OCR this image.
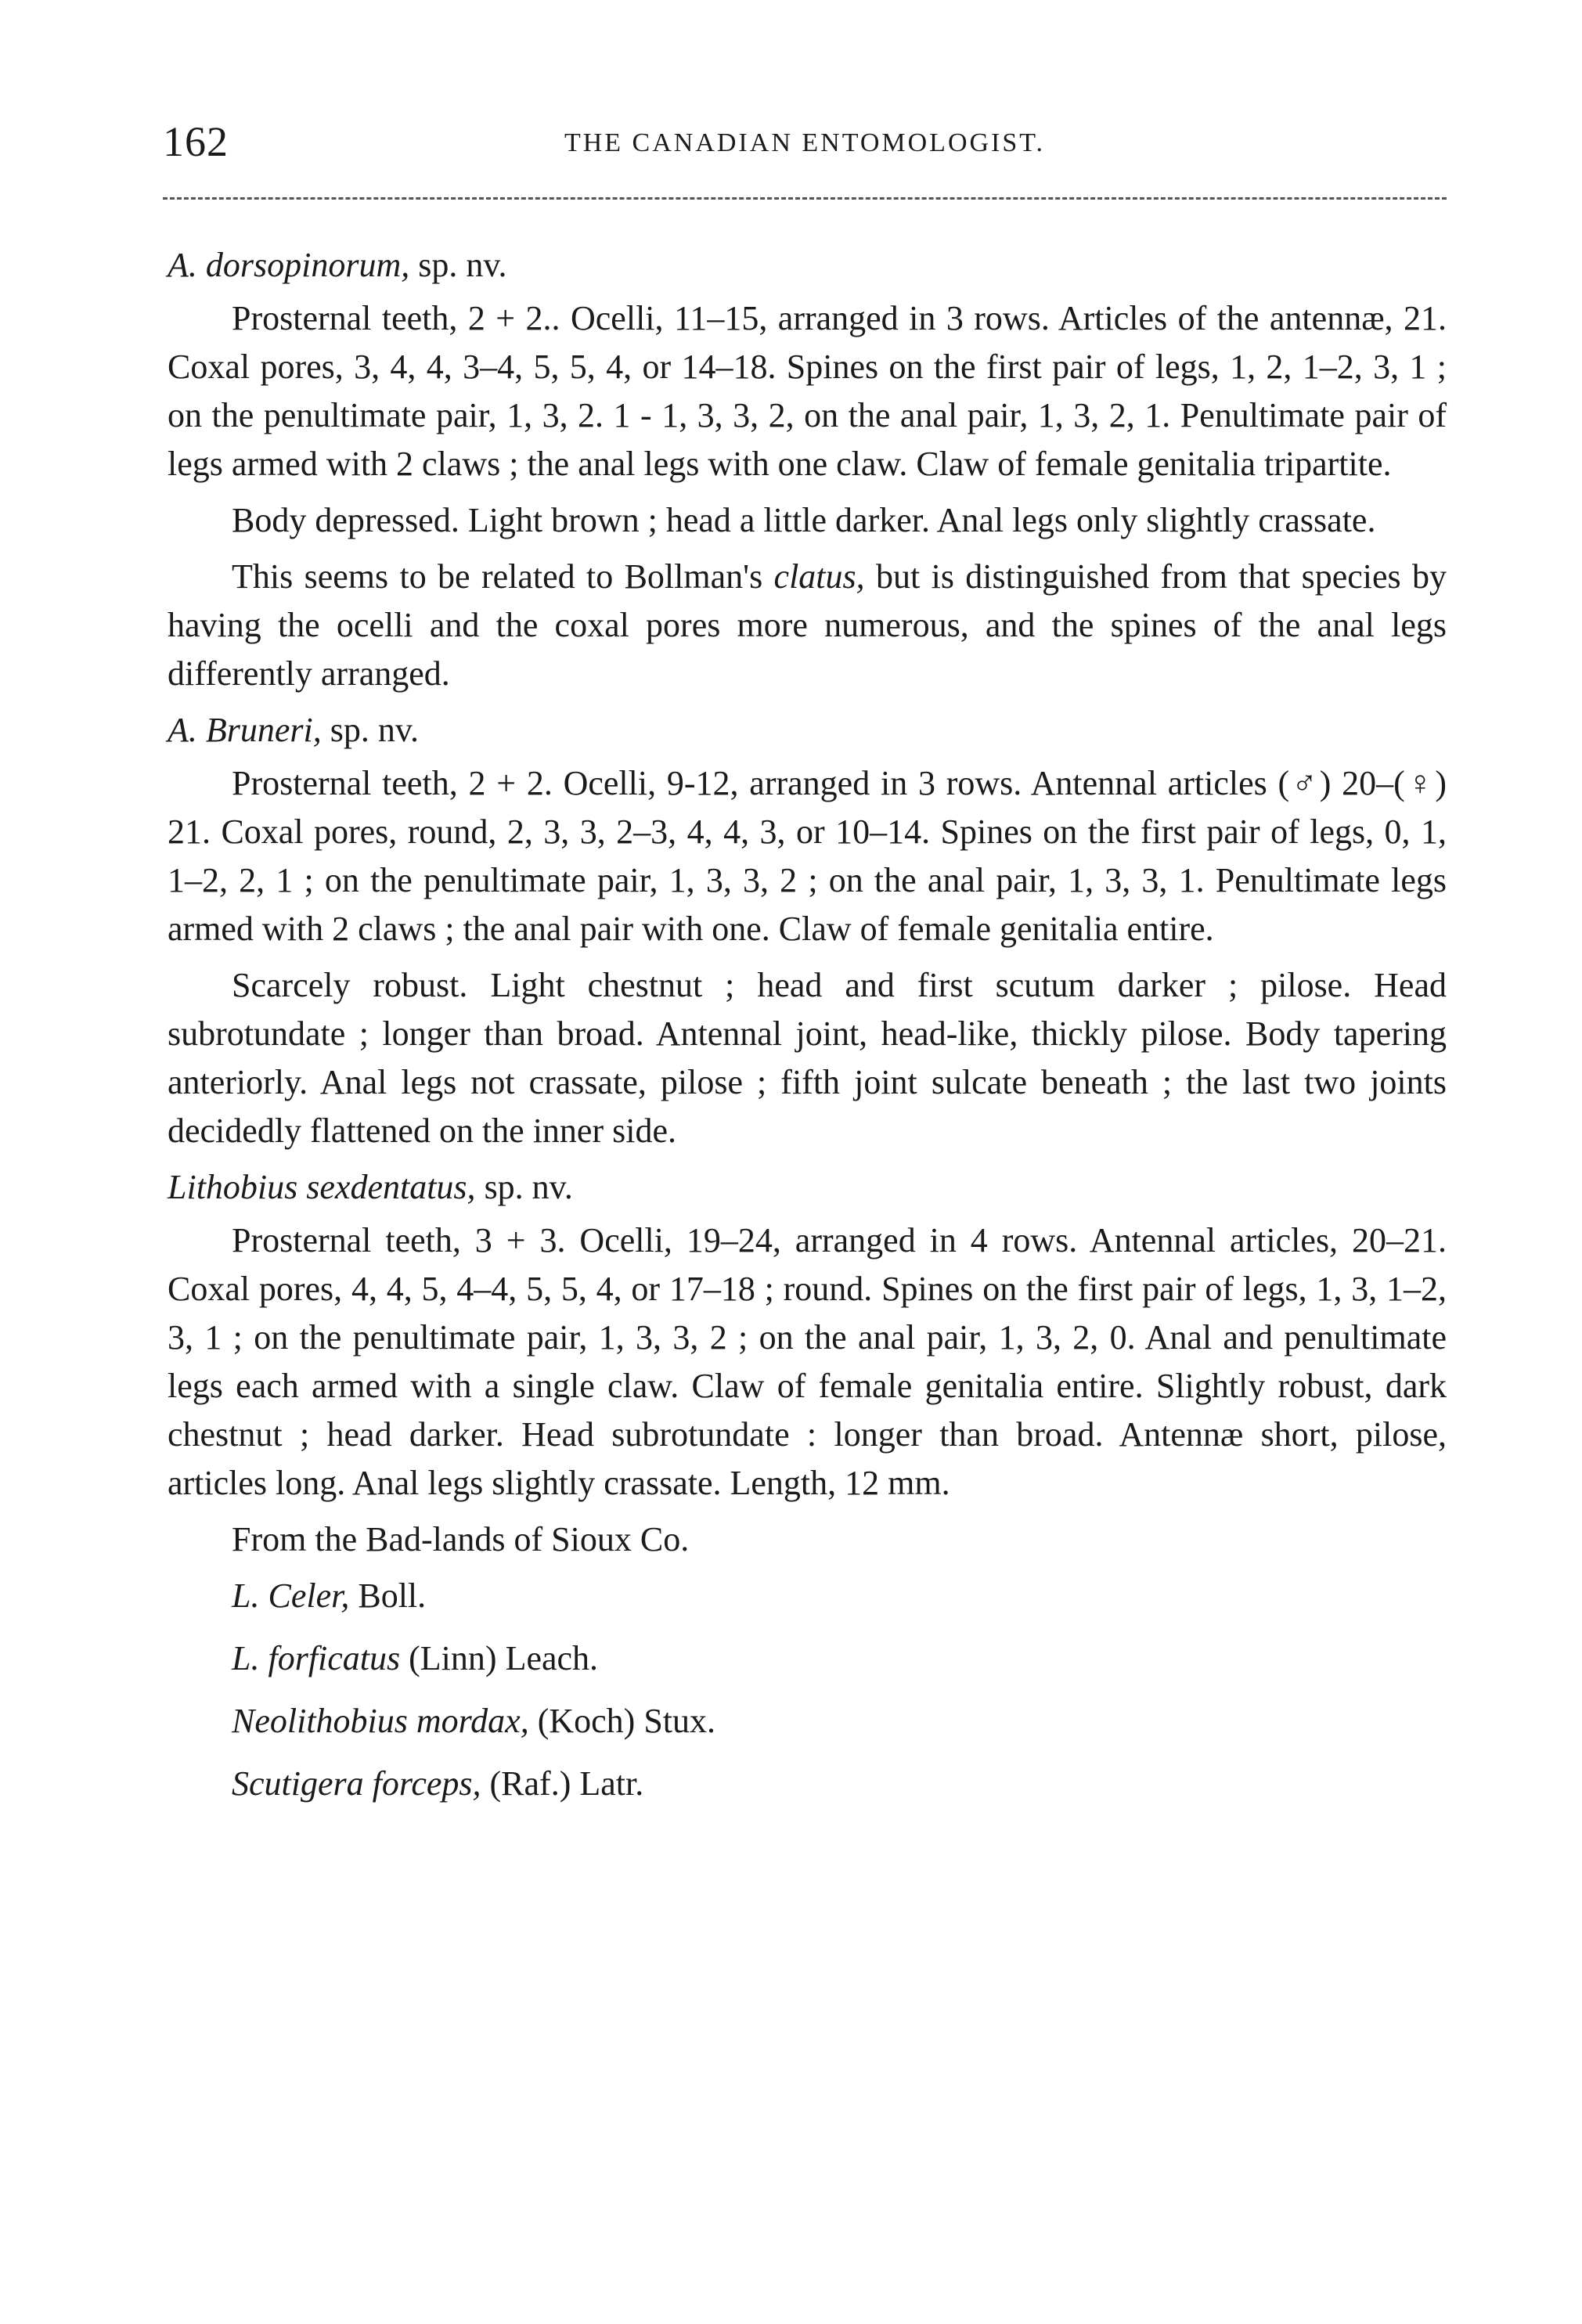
162	THE CANADIAN ENTOMOLOGIST.
A. dorsopinorum, sp. nv.

Prosternal teeth, 2 + 2.. Ocelli, 11–15, arranged in 3 rows. Articles of the antennæ, 21. Coxal pores, 3, 4, 4, 3–4, 5, 5, 4, or 14–18. Spines on the first pair of legs, 1, 2, 1–2, 3, 1 ; on the penultimate pair, 1, 3, 2. 1 - 1, 3, 3, 2, on the anal pair, 1, 3, 2, 1. Penultimate pair of legs armed with 2 claws ; the anal legs with one claw. Claw of female genitalia tripartite.

Body depressed. Light brown ; head a little darker. Anal legs only slightly crassate.

This seems to be related to Bollman's clatus, but is distinguished from that species by having the ocelli and the coxal pores more numerous, and the spines of the anal legs differently arranged.

A. Bruneri, sp. nv.

Prosternal teeth, 2 + 2. Ocelli, 9-12, arranged in 3 rows. Antennal articles (♂) 20–(♀) 21. Coxal pores, round, 2, 3, 3, 2–3, 4, 4, 3, or 10–14. Spines on the first pair of legs, 0, 1, 1–2, 2, 1 ; on the penultimate pair, 1, 3, 3, 2 ; on the anal pair, 1, 3, 3, 1. Penultimate legs armed with 2 claws ; the anal pair with one. Claw of female genitalia entire.

Scarcely robust. Light chestnut ; head and first scutum darker ; pilose. Head subrotundate ; longer than broad. Antennal joint, head-like, thickly pilose. Body tapering anteriorly. Anal legs not crassate, pilose ; fifth joint sulcate beneath ; the last two joints decidedly flattened on the inner side.

Lithobius sexdentatus, sp. nv.

Prosternal teeth, 3 + 3. Ocelli, 19–24, arranged in 4 rows. Antennal articles, 20–21. Coxal pores, 4, 4, 5, 4–4, 5, 5, 4, or 17–18 ; round. Spines on the first pair of legs, 1, 3, 1–2, 3, 1 ; on the penultimate pair, 1, 3, 3, 2 ; on the anal pair, 1, 3, 2, 0. Anal and penultimate legs each armed with a single claw. Claw of female genitalia entire. Slightly robust, dark chestnut ; head darker. Head subrotundate : longer than broad. Antennæ short, pilose, articles long. Anal legs slightly crassate. Length, 12 mm.

From the Bad-lands of Sioux Co.

L. Celer, Boll.
L. forficatus (Linn) Leach.
Neolithobius mordax, (Koch) Stux.
Scutigera forceps, (Raf.) Latr.
